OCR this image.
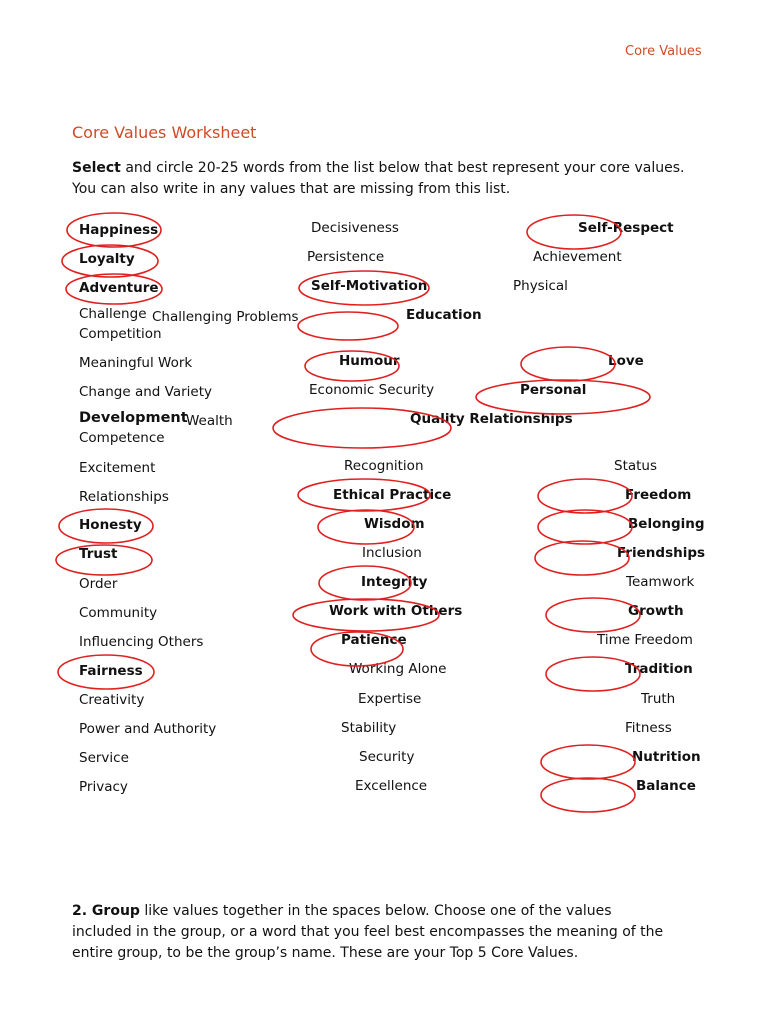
Core Values
Core Values Worksheet
Select and circle 20-25 words from the list below that best represent your core values.
You can also write in any values that are missing from this list.
Happiness
Loyalty
Adventure
Challenge Challenging Problems
Competition
Meaningful Work
Change and Variety
Development
Wealth
Competence
Excitement
Relationships
Honesty
Trust
Order
Community
Influencing Others
Fairness
Creativity
Power and Authority
Service
Privacy
Decisiveness
Persistence
Self-Motivation
Education
Humour
Economic Security
Quality Relationships
Recognition
Ethical Practice
Wisdom
Inclusion
Integrity
Work with Others
Patience
Working Alone
Expertise
Stability
Security
Excellence
Self-Respect
Achievement
Physical
Love
Personal
Status
Freedom
Belonging
Friendships
Teamwork
Growth
Time Freedom
Tradition
Truth
Fitness
Nutrition
Balance
2. Group like values together in the spaces below. Choose one of the values
included in the group, or a word that you feel best encompasses the meaning of the
entire group, to be the group’s name. These are your Top 5 Core Values.
